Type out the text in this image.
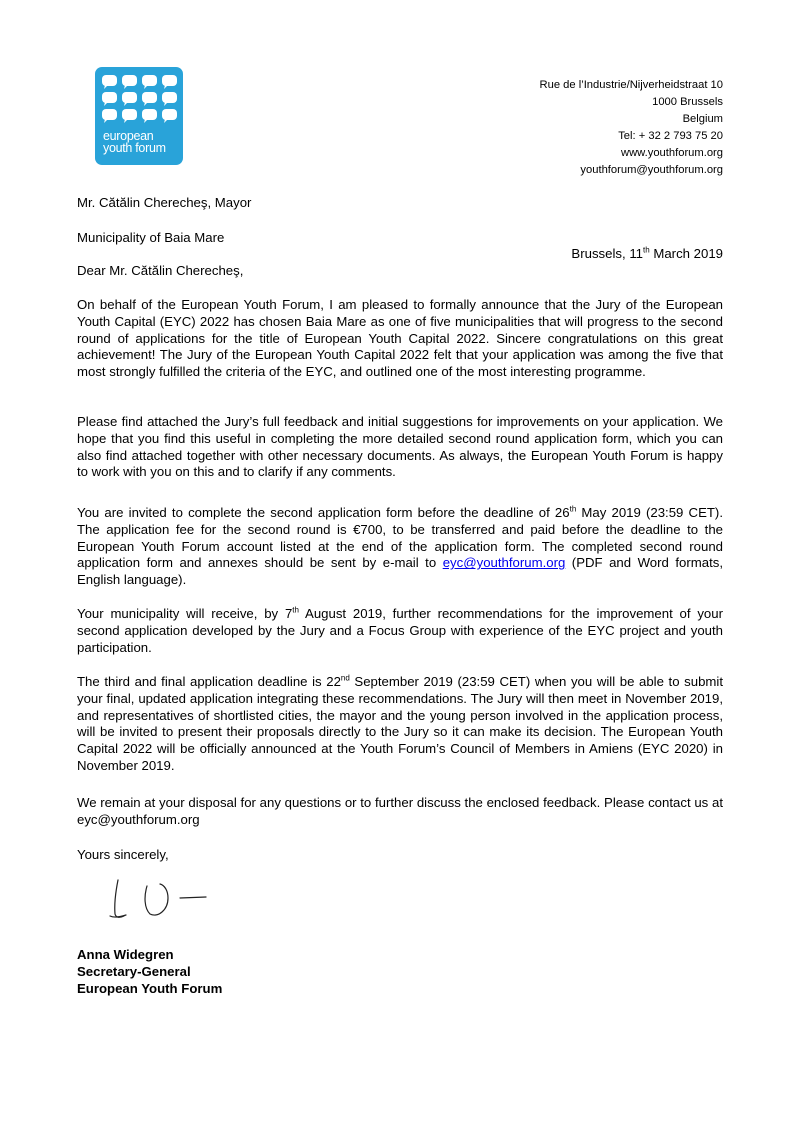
european
youth forum
Rue de l’Industrie/Nijverheidstraat 10
1000 Brussels
Belgium
Tel: + 32 2 793 75 20
www.youthforum.org
youthforum@youthforum.org
Mr. Cătălin Cherecheş, Mayor
Municipality of Baia Mare
Brussels, 11th March 2019
Dear Mr. Cătălin Cherecheş,
On behalf of the European Youth Forum, I am pleased to formally announce that the Jury of the European Youth Capital (EYC) 2022 has chosen Baia Mare as one of five municipalities that will progress to the second round of applications for the title of European Youth Capital 2022. Sincere congratulations on this great achievement! The Jury of the European Youth Capital 2022 felt that your application was among the five that most strongly fulfilled the criteria of the EYC, and outlined one of the most interesting programme.
Please find attached the Jury’s full feedback and initial suggestions for improvements on your application. We hope that you find this useful in completing the more detailed second round application form, which you can also find attached together with other necessary documents. As always, the European Youth Forum is happy to work with you on this and to clarify if any comments.
You are invited to complete the second application form before the deadline of 26th May 2019 (23:59 CET). The application fee for the second round is €700, to be transferred and paid before the deadline to the European Youth Forum account listed at the end of the application form. The completed second round application form and annexes should be sent by e-mail to eyc@youthforum.org (PDF and Word formats, English language).
Your municipality will receive, by 7th August 2019, further recommendations for the improvement of your second application developed by the Jury and a Focus Group with experience of the EYC project and youth participation.
The third and final application deadline is 22nd September 2019 (23:59 CET) when you will be able to submit your final, updated application integrating these recommendations. The Jury will then meet in November 2019, and representatives of shortlisted cities, the mayor and the young person involved in the application process, will be invited to present their proposals directly to the Jury so it can make its decision. The European Youth Capital 2022 will be officially announced at the Youth Forum’s Council of Members in Amiens (EYC 2020) in November 2019.
We remain at your disposal for any questions or to further discuss the enclosed feedback. Please contact us at eyc@youthforum.org
Yours sincerely,
Anna Widegren
Secretary-General
European Youth Forum
